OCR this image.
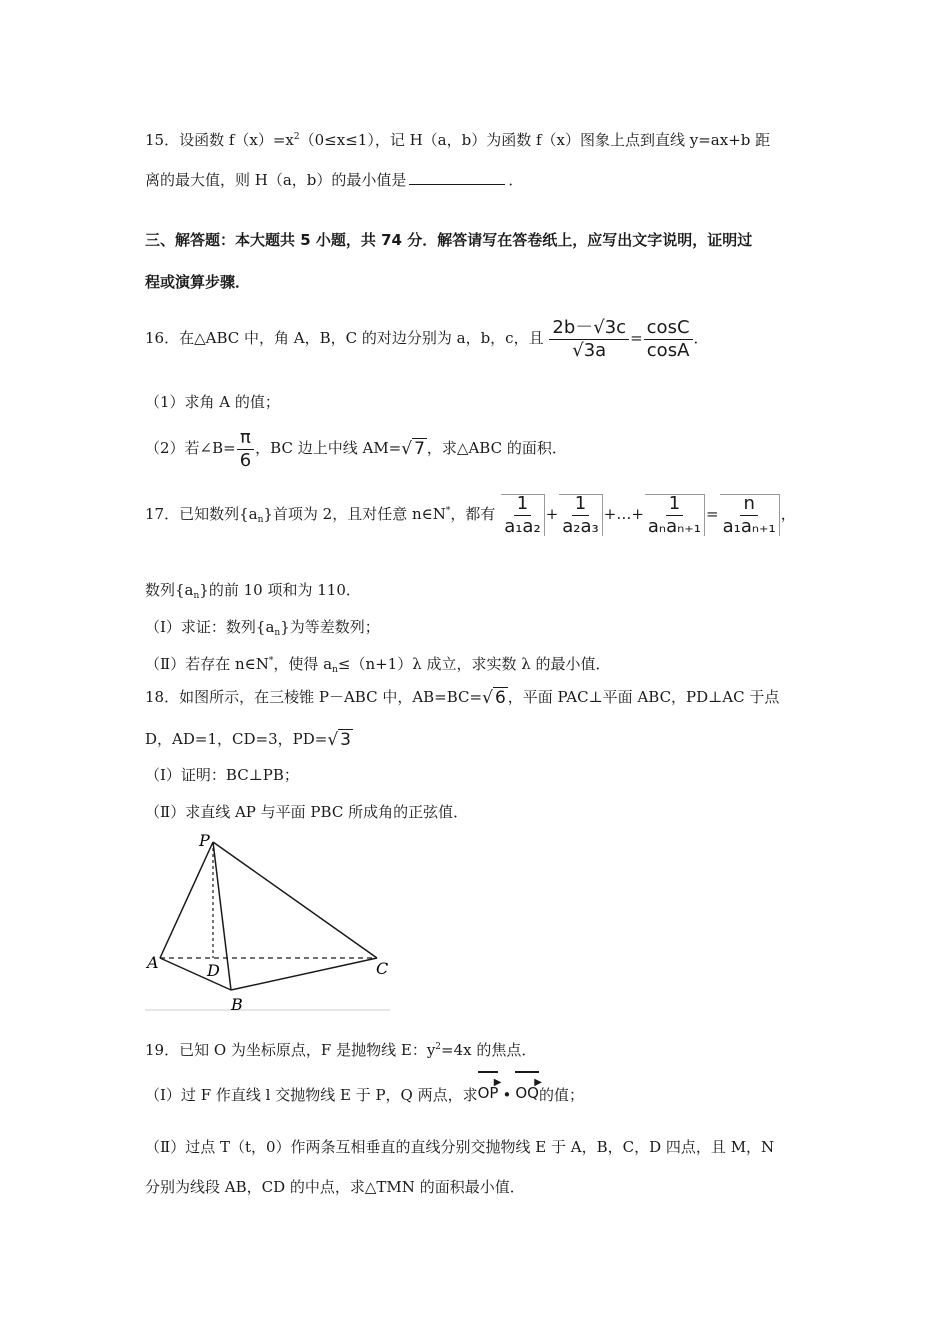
15．设函数 $f(x)=x^2(0\le x\le 1)$，记 H（a，b）为函数 f（x）图象上点到直线 y=ax+b 距
离的最大值，则 H（a，b）的最小值是	．
三、解答题：本大题共 5 小题，共 74 分．解答请写在答卷纸上，应写出文字说明，证明过
程或演算步骤．
16．在△ABC 中，角 A，B，C 的对边分别为 a，b，c，且 $\frac{2b-√3c}{√3a} = \frac{\cos C}{\cos A}$ ．
（1）求角 A 的值；
（2）若∠B= $\frac{\pi}{6}$ ，BC 边上中线 AM=√ 7 ，求△ABC 的面积．
17．已知数列$\{a_n\}$首项为 2，且对任意 n∈N*，都有 $\frac{1}{\text{a₁a₂}} + \frac{1}{\text{a₂a₃}}$ +…+ $\frac{1}{\text{aₙaₙ₊₁}} = \frac{n}{\text{a₁aₙ₊₁}}$ ，
数列$\{a_n\}$的前 10 项和为 110．
（Ⅰ）求证：数列$\{a_n\}$为等差数列；
（Ⅱ）若存在 n∈N*，使得 $a_n\le(n+1)\lambda$ 成立，求实数 λ 的最小值．
18．如图所示，在三棱锥 P－ABC 中，AB=BC=√ 6 ，平面 PAC⊥平面 ABC，PD⊥AC 于点
D，AD=1，CD=3，PD=√ 3
（Ⅰ）证明：BC⊥PB；
（Ⅱ）求直线 AP 与平面 PBC 所成角的正弦值．
P
A	D
B
C
19．已知 O 为坐标原点，F 是抛物线 E：$y^2=4x$ 的焦点．
（Ⅰ）过 F 作直线 l 交抛物线 E 于 P，Q 两点，求
▶
OP •
▶
OQ的值；
（Ⅱ）过点 T（t，0）作两条互相垂直的直线分别交抛物线 E 于 A，B，C，D 四点，且 M，N
分别为线段 AB，CD 的中点，求△TMN 的面积最小值．
